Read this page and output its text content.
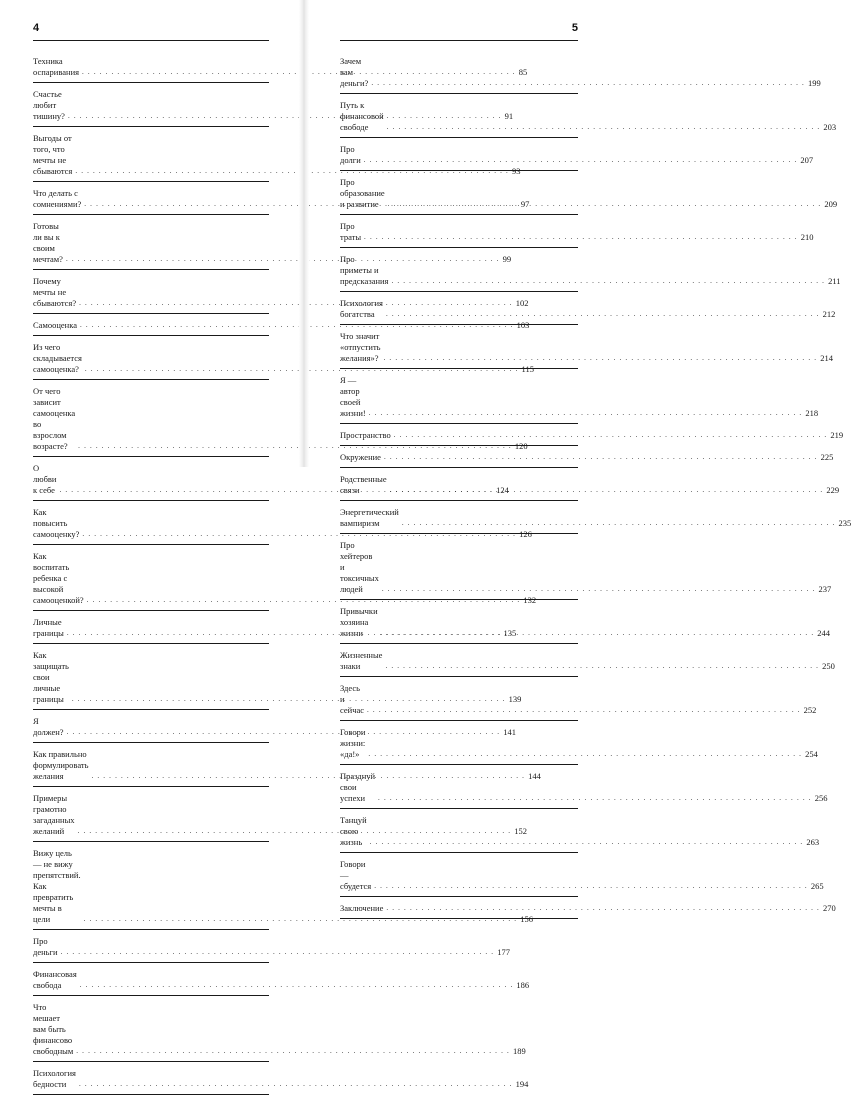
4
Техника оспаривания . . .	85
Счастье любит тишину? . . .	91
Выгоды от того, что мечты не сбываются . . .	93
Что делать с сомнениями? . . .	97
Готовы ли вы к своим мечтам? . . .	99
Почему мечты не сбываются? . . .	102
Самооценка . . .	103
Из чего складывается самооценка? . . .	115
От чего зависит самооценка во взрослом
возрасте? . . .	120
О любви к себе . . .	124
Как повысить самооценку? . . .	126
Как воспитать ребенка с высокой самооценкой? . . .	132
Личные границы . . .	135
Как защищать свои личные границы . . .	139
Я должен? . . .	141
Как правильно формулировать желания . . .	144
Примеры грамотно загаданных желаний . . .	152
Вижу цель — не вижу препятствий.
Как превратить мечты в цели . . .	156
Про деньги . . .	177
Финансовая свобода . . .	186
Что мешает вам быть финансово свободным . . .	189
Психология бедности . . .	194
5
Зачем вам деньги? . . .	199
Путь к финансовой свободе . . .	203
Про долги . . .	207
Про образование и развитие . . .	209
Про траты . . .	210
Про приметы и предсказания . . .	211
Психология богатства . . .	212
Что значит «отпустить желания»? . . .	214
Я — автор своей жизни! . . .	218
Пространство . . .	219
Окружение . . .	225
Родственные связи . . .	229
Энергетический вампиризм . . .	235
Про хейтеров и токсичных людей . . .	237
Привычки хозяина жизни . . .	244
Жизненные знаки . . .	250
Здесь и сейчас . . .	252
Говори жизни: «да!» . . .	254
Празднуй свои успехи . . .	256
Танцуй свою жизнь . . .	263
Говори — сбудется . . .	265
Заключение . . .	270
